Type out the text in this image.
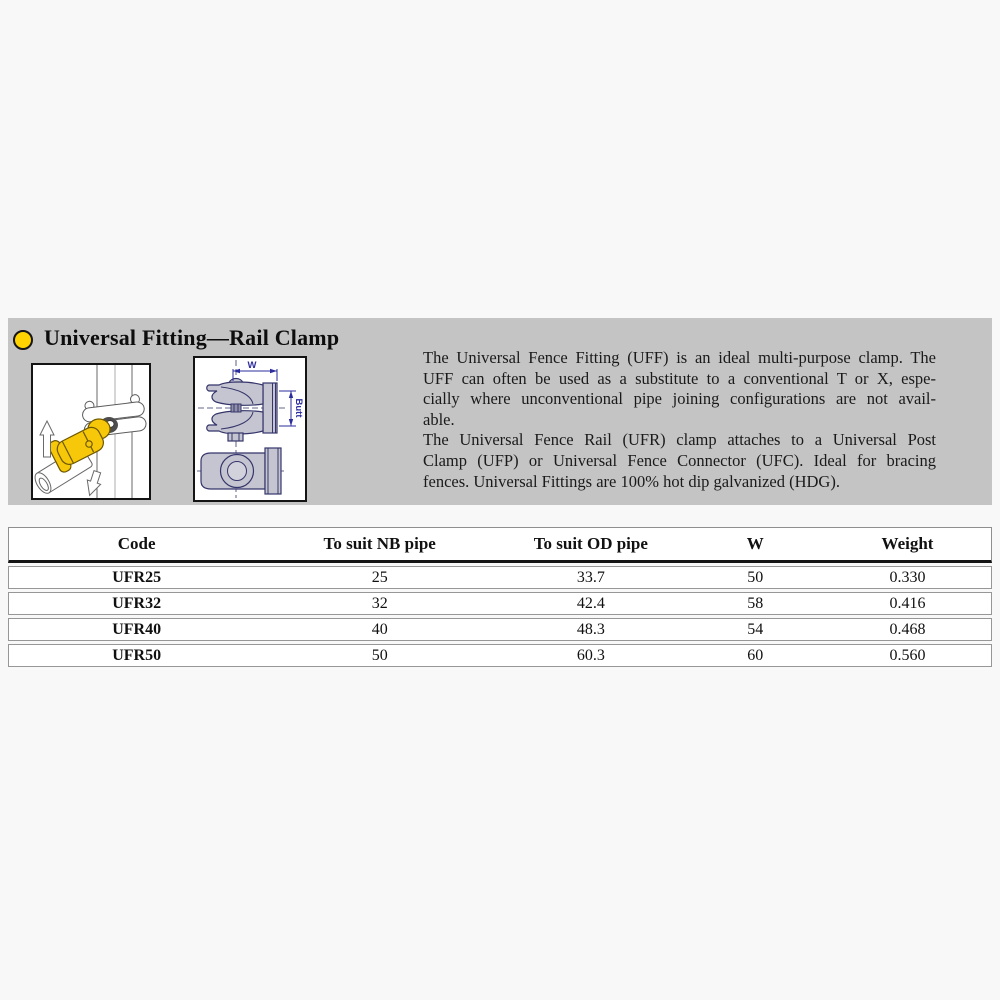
Universal Fitting—Rail Clamp
W
Butt
The Universal Fence Fitting (UFF) is an ideal multi-purpose clamp. The
UFF can often be used as a substitute to a conventional T or X, espe-
cially where unconventional pipe joining configurations are not avail-
able.
The Universal Fence Rail (UFR) clamp attaches to a Universal Post
Clamp (UFP) or Universal Fence Connector (UFC). Ideal for bracing
fences. Universal Fittings are 100% hot dip galvanized (HDG).
Code	To suit NB pipe	To suit OD pipe	W	Weight
UFR25	25	33.7	50	0.330
UFR32	32	42.4	58	0.416
UFR40	40	48.3	54	0.468
UFR50	50	60.3	60	0.560
